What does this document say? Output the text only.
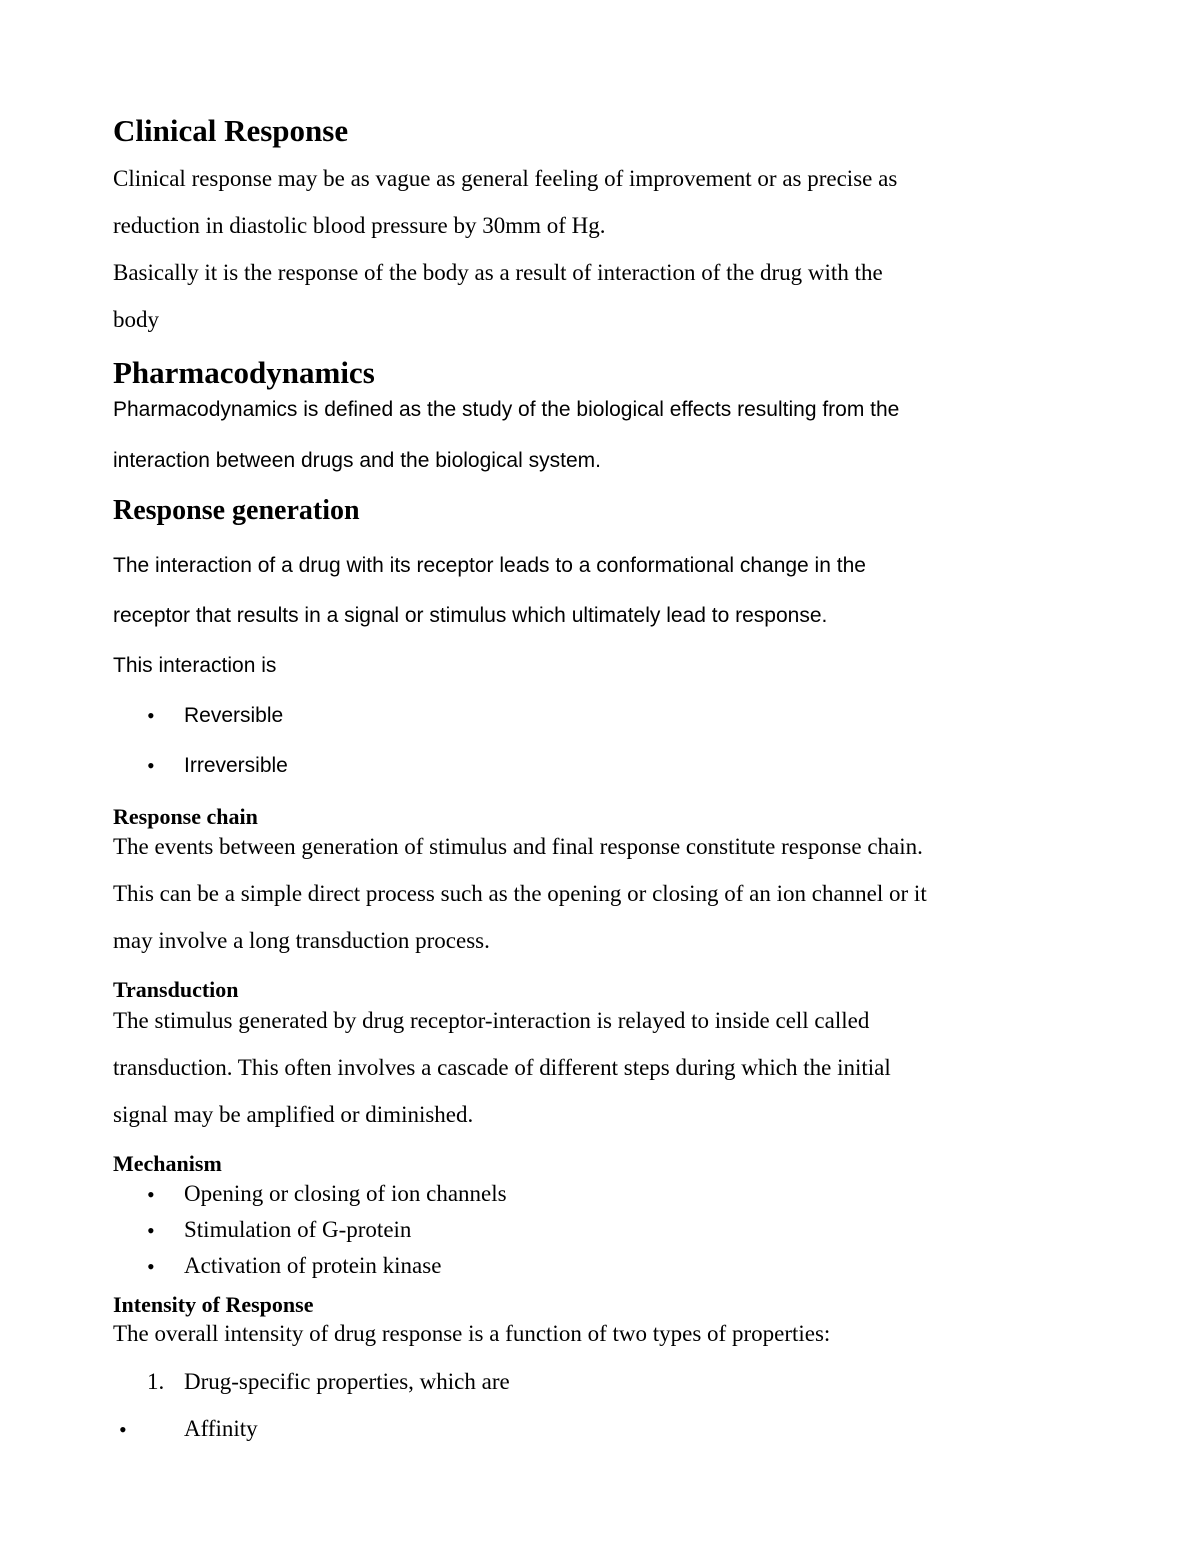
Clinical Response
Clinical response may be as vague as general feeling of improvement or as precise as
reduction in diastolic blood pressure by 30mm of Hg.
Basically it is the response of the body as a result of interaction of the drug with the
body
Pharmacodynamics
Pharmacodynamics is defined as the study of the biological effects resulting from the
interaction between drugs and the biological system.
Response generation
The interaction of a drug with its receptor leads to a conformational change in the
receptor that results in a signal or stimulus which ultimately lead to response.
This interaction is
• Reversible
• Irreversible
Response chain
The events between generation of stimulus and final response constitute response chain.
This can be a simple direct process such as the opening or closing of an ion channel or it
may involve a long transduction process.
Transduction
The stimulus generated by drug receptor-interaction is relayed to inside cell called
transduction. This often involves a cascade of different steps during which the initial
signal may be amplified or diminished.
Mechanism
• Opening or closing of ion channels
• Stimulation of G-protein
• Activation of protein kinase
Intensity of Response
The overall intensity of drug response is a function of two types of properties:
1. Drug-specific properties, which are
• Affinity
